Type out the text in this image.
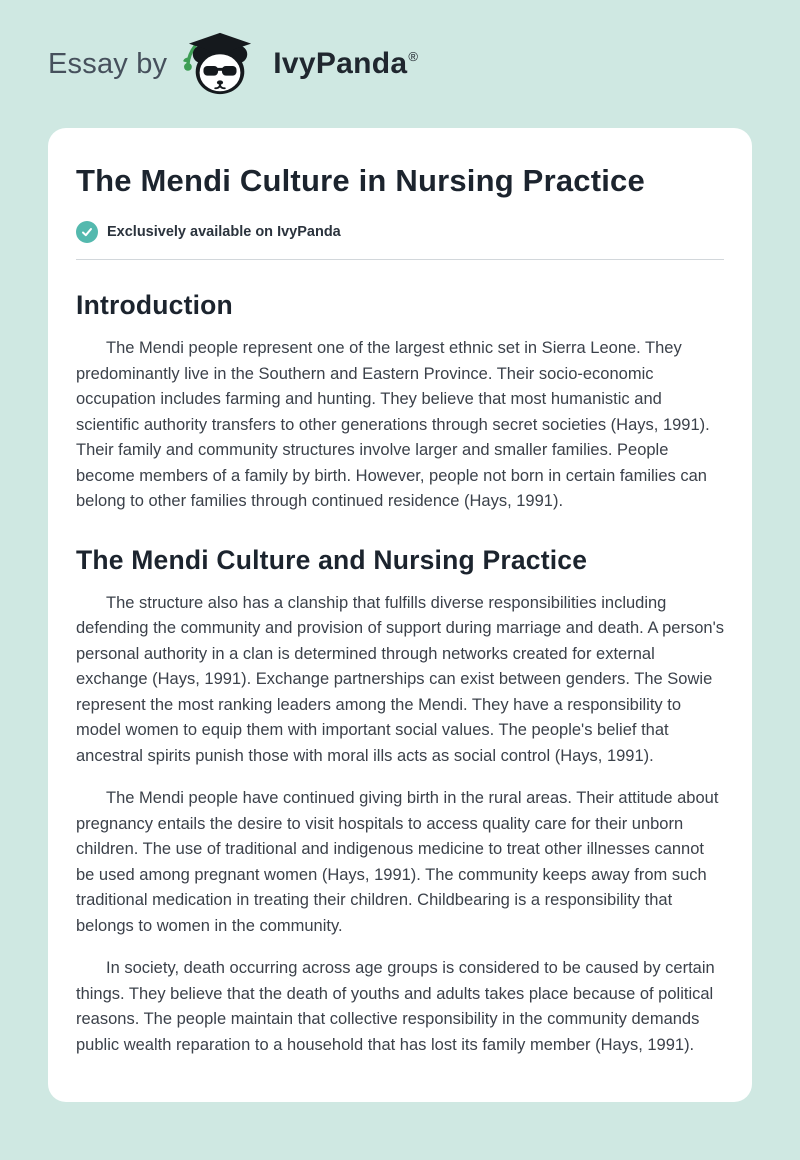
Essay by	IvyPanda®
The Mendi Culture in Nursing Practice
Exclusively available on IvyPanda
Introduction

The Mendi people represent one of the largest ethnic set in Sierra Leone. They predominantly live in the Southern and Eastern Province. Their socio-economic occupation includes farming and hunting. They believe that most humanistic and scientific authority transfers to other generations through secret societies (Hays, 1991). Their family and community structures involve larger and smaller families. People become members of a family by birth. However, people not born in certain families can belong to other families through continued residence (Hays, 1991).

The Mendi Culture and Nursing Practice

The structure also has a clanship that fulfills diverse responsibilities including defending the community and provision of support during marriage and death. A person's personal authority in a clan is determined through networks created for external exchange (Hays, 1991). Exchange partnerships can exist between genders. The Sowie represent the most ranking leaders among the Mendi. They have a responsibility to model women to equip them with important social values. The people's belief that ancestral spirits punish those with moral ills acts as social control (Hays, 1991).

The Mendi people have continued giving birth in the rural areas. Their attitude about pregnancy entails the desire to visit hospitals to access quality care for their unborn children. The use of traditional and indigenous medicine to treat other illnesses cannot be used among pregnant women (Hays, 1991). The community keeps away from such traditional medication in treating their children. Childbearing is a responsibility that belongs to women in the community.

In society, death occurring across age groups is considered to be caused by certain things. They believe that the death of youths and adults takes place because of political reasons. The people maintain that collective responsibility in the community demands public wealth reparation to a household that has lost its family member (Hays, 1991).
